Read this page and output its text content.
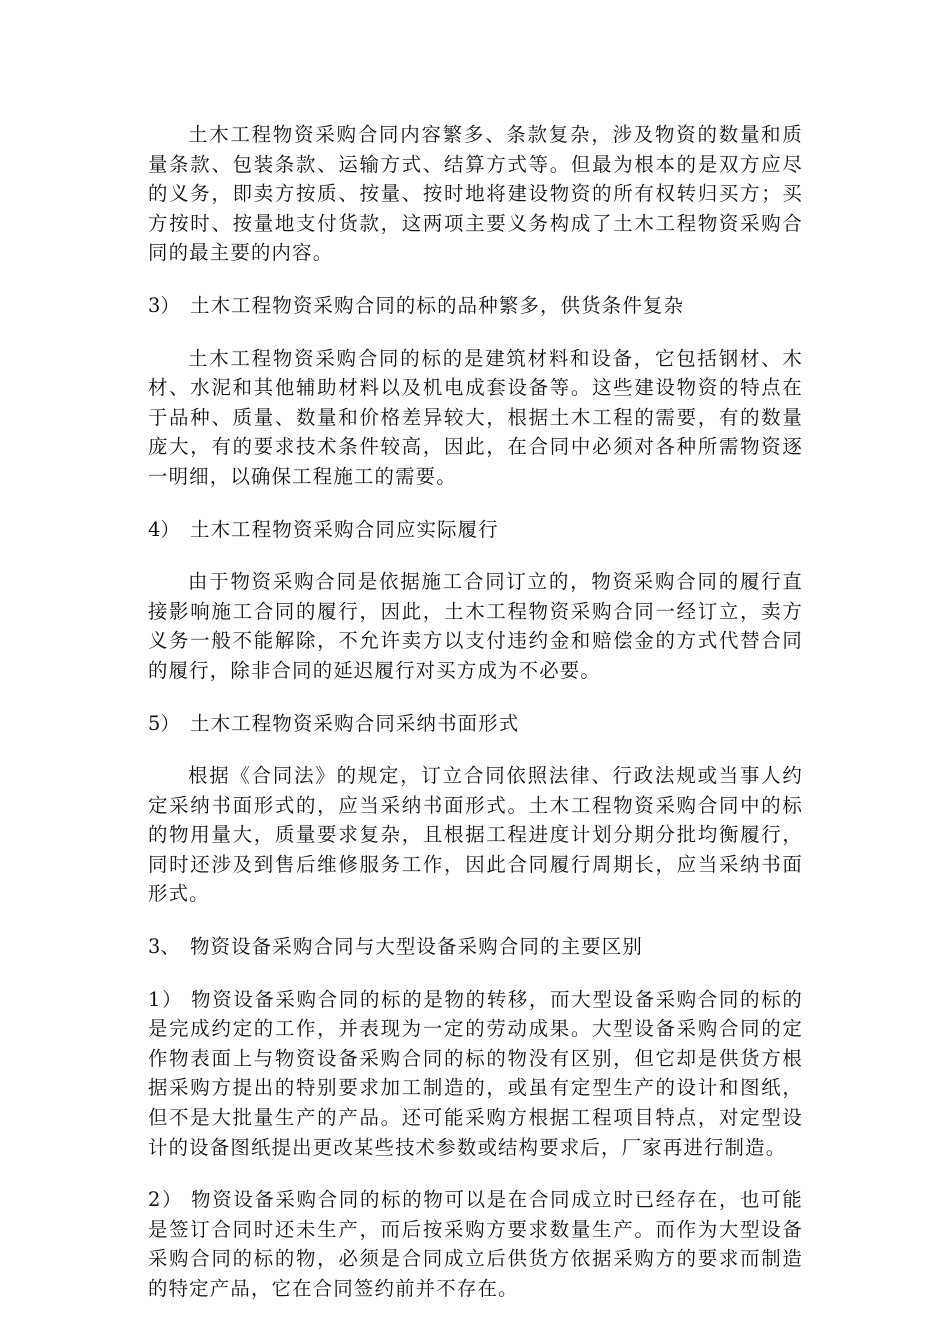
土木工程物资采购合同内容繁多、条款复杂，涉及物资的数量和质量条款、包装条款、运输方式、结算方式等。但最为根本的是双方应尽的义务，即卖方按质、按量、按时地将建设物资的所有权转归买方；买方按时、按量地支付货款，这两项主要义务构成了土木工程物资采购合同的最主要的内容。

3） 土木工程物资采购合同的标的品种繁多，供货条件复杂

土木工程物资采购合同的标的是建筑材料和设备，它包括钢材、木材、水泥和其他辅助材料以及机电成套设备等。这些建设物资的特点在于品种、质量、数量和价格差异较大，根据土木工程的需要，有的数量庞大，有的要求技术条件较高，因此，在合同中必须对各种所需物资逐一明细，以确保工程施工的需要。

4） 土木工程物资采购合同应实际履行

由于物资采购合同是依据施工合同订立的，物资采购合同的履行直接影响施工合同的履行，因此，土木工程物资采购合同一经订立，卖方义务一般不能解除，不允许卖方以支付违约金和赔偿金的方式代替合同的履行，除非合同的延迟履行对买方成为不必要。

5） 土木工程物资采购合同采纳书面形式

根据《合同法》的规定，订立合同依照法律、行政法规或当事人约定采纳书面形式的，应当采纳书面形式。土木工程物资采购合同中的标的物用量大，质量要求复杂，且根据工程进度计划分期分批均衡履行，同时还涉及到售后维修服务工作，因此合同履行周期长，应当采纳书面形式。

3、 物资设备采购合同与大型设备采购合同的主要区别

1） 物资设备采购合同的标的是物的转移，而大型设备采购合同的标的是完成约定的工作，并表现为一定的劳动成果。大型设备采购合同的定作物表面上与物资设备采购合同的标的物没有区别，但它却是供货方根据采购方提出的特别要求加工制造的，或虽有定型生产的设计和图纸，但不是大批量生产的产品。还可能采购方根据工程项目特点，对定型设计的设备图纸提出更改某些技术参数或结构要求后，厂家再进行制造。

2） 物资设备采购合同的标的物可以是在合同成立时已经存在，也可能是签订合同时还未生产，而后按采购方要求数量生产。而作为大型设备采购合同的标的物，必须是合同成立后供货方依据采购方的要求而制造的特定产品，它在合同签约前并不存在。
